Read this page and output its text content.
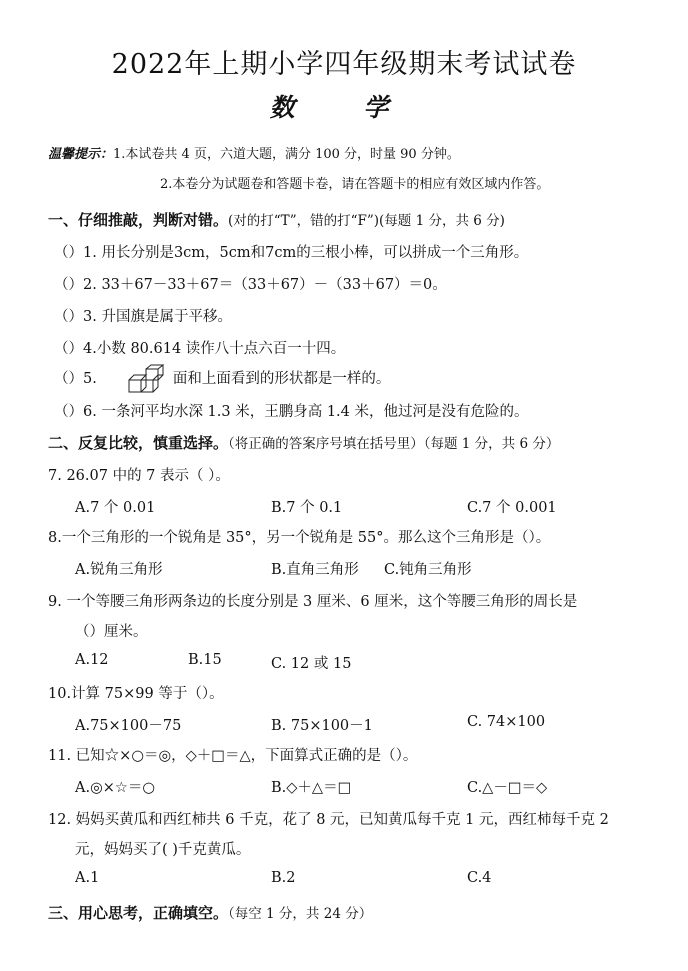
2022年上期小学四年级期末考试试卷
数 学
温馨提示：1.本试卷共 4 页，六道大题，满分 100 分，时量 90 分钟。
2.本卷分为试题卷和答题卡卷，请在答题卡的相应有效区域内作答。
一、仔细推敲，判断对错。(对的打“T”，错的打“F”)(每题 1 分，共 6 分)
（）1. 用长分别是3cm，5cm和7cm的三根小棒，可以拼成一个三角形。
（）2. 33＋67－33＋67＝（33＋67）－（33＋67）＝0。
（）3. 升国旗是属于平移。
（）4.小数 80.614 读作八十点六百一十四。
（）5.	面和上面看到的形状都是一样的。
（）6. 一条河平均水深 1.3 米，王鹏身高 1.4 米，他过河是没有危险的。
二、反复比较，慎重选择。（将正确的答案序号填在括号里）（每题 1 分，共 6 分）
7. 26.07 中的 7 表示（ ）。
A.7 个 0.01	B.7 个 0.1	C.7 个 0.001
8.一个三角形的一个锐角是 35°，另一个锐角是 55°。那么这个三角形是（）。
A.锐角三角形	B.直角三角形 C.钝角三角形
9. 一个等腰三角形两条边的长度分别是 3 厘米、6 厘米，这个等腰三角形的周长是
（）厘米。
A.12	B.15	C. 12 或 15
10.计算 75×99 等于（）。
A.75×100－75	B. 75×100－1	C. 74×100
11. 已知☆×○＝◎，◇＋□＝△，下面算式正确的是（）。
A.◎×☆＝○	B.◇＋△＝□	C.△－□＝◇
12. 妈妈买黄瓜和西红柿共 6 千克，花了 8 元，已知黄瓜每千克 1 元，西红柿每千克 2
元，妈妈买了( )千克黄瓜。
A.1	B.2	C.4
三、用心思考，正确填空。（每空 1 分，共 24 分）
